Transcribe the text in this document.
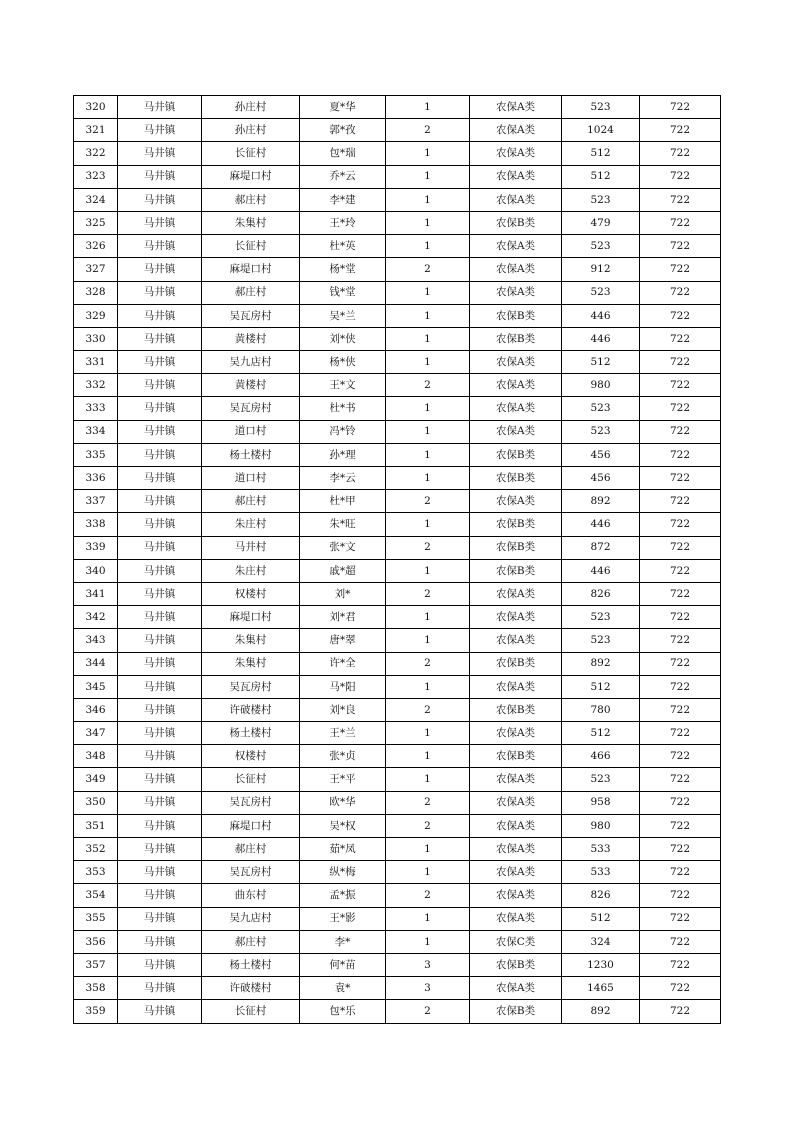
320	马井镇	孙庄村	夏*华	1	农保A类	523	722
321	马井镇	孙庄村	郭*孜	2	农保A类	1024	722
322	马井镇	长征村	包*瑞	1	农保A类	512	722
323	马井镇	麻堤口村	乔*云	1	农保A类	512	722
324	马井镇	郝庄村	李*建	1	农保A类	523	722
325	马井镇	朱集村	王*玲	1	农保B类	479	722
326	马井镇	长征村	杜*英	1	农保A类	523	722
327	马井镇	麻堤口村	杨*堂	2	农保A类	912	722
328	马井镇	郝庄村	钱*堂	1	农保A类	523	722
329	马井镇	吴瓦房村	吴*兰	1	农保B类	446	722
330	马井镇	黄楼村	刘*侠	1	农保B类	446	722
331	马井镇	吴九店村	杨*侠	1	农保A类	512	722
332	马井镇	黄楼村	王*文	2	农保A类	980	722
333	马井镇	吴瓦房村	杜*书	1	农保A类	523	722
334	马井镇	道口村	冯*铃	1	农保A类	523	722
335	马井镇	杨土楼村	孙*理	1	农保B类	456	722
336	马井镇	道口村	李*云	1	农保B类	456	722
337	马井镇	郝庄村	杜*甲	2	农保A类	892	722
338	马井镇	朱庄村	朱*旺	1	农保B类	446	722
339	马井镇	马井村	张*文	2	农保B类	872	722
340	马井镇	朱庄村	戚*超	1	农保B类	446	722
341	马井镇	权楼村	刘*	2	农保A类	826	722
342	马井镇	麻堤口村	刘*君	1	农保A类	523	722
343	马井镇	朱集村	唐*翠	1	农保A类	523	722
344	马井镇	朱集村	许*全	2	农保B类	892	722
345	马井镇	吴瓦房村	马*阳	1	农保A类	512	722
346	马井镇	许破楼村	刘*良	2	农保B类	780	722
347	马井镇	杨土楼村	王*兰	1	农保A类	512	722
348	马井镇	权楼村	张*贞	1	农保B类	466	722
349	马井镇	长征村	王*平	1	农保A类	523	722
350	马井镇	吴瓦房村	欧*华	2	农保A类	958	722
351	马井镇	麻堤口村	吴*权	2	农保A类	980	722
352	马井镇	郝庄村	茹*凤	1	农保A类	533	722
353	马井镇	吴瓦房村	纵*梅	1	农保A类	533	722
354	马井镇	曲东村	孟*振	2	农保A类	826	722
355	马井镇	吴九店村	王*影	1	农保A类	512	722
356	马井镇	郝庄村	李*	1	农保C类	324	722
357	马井镇	杨土楼村	何*苗	3	农保B类	1230	722
358	马井镇	许破楼村	袁*	3	农保A类	1465	722
359	马井镇	长征村	包*乐	2	农保B类	892	722
